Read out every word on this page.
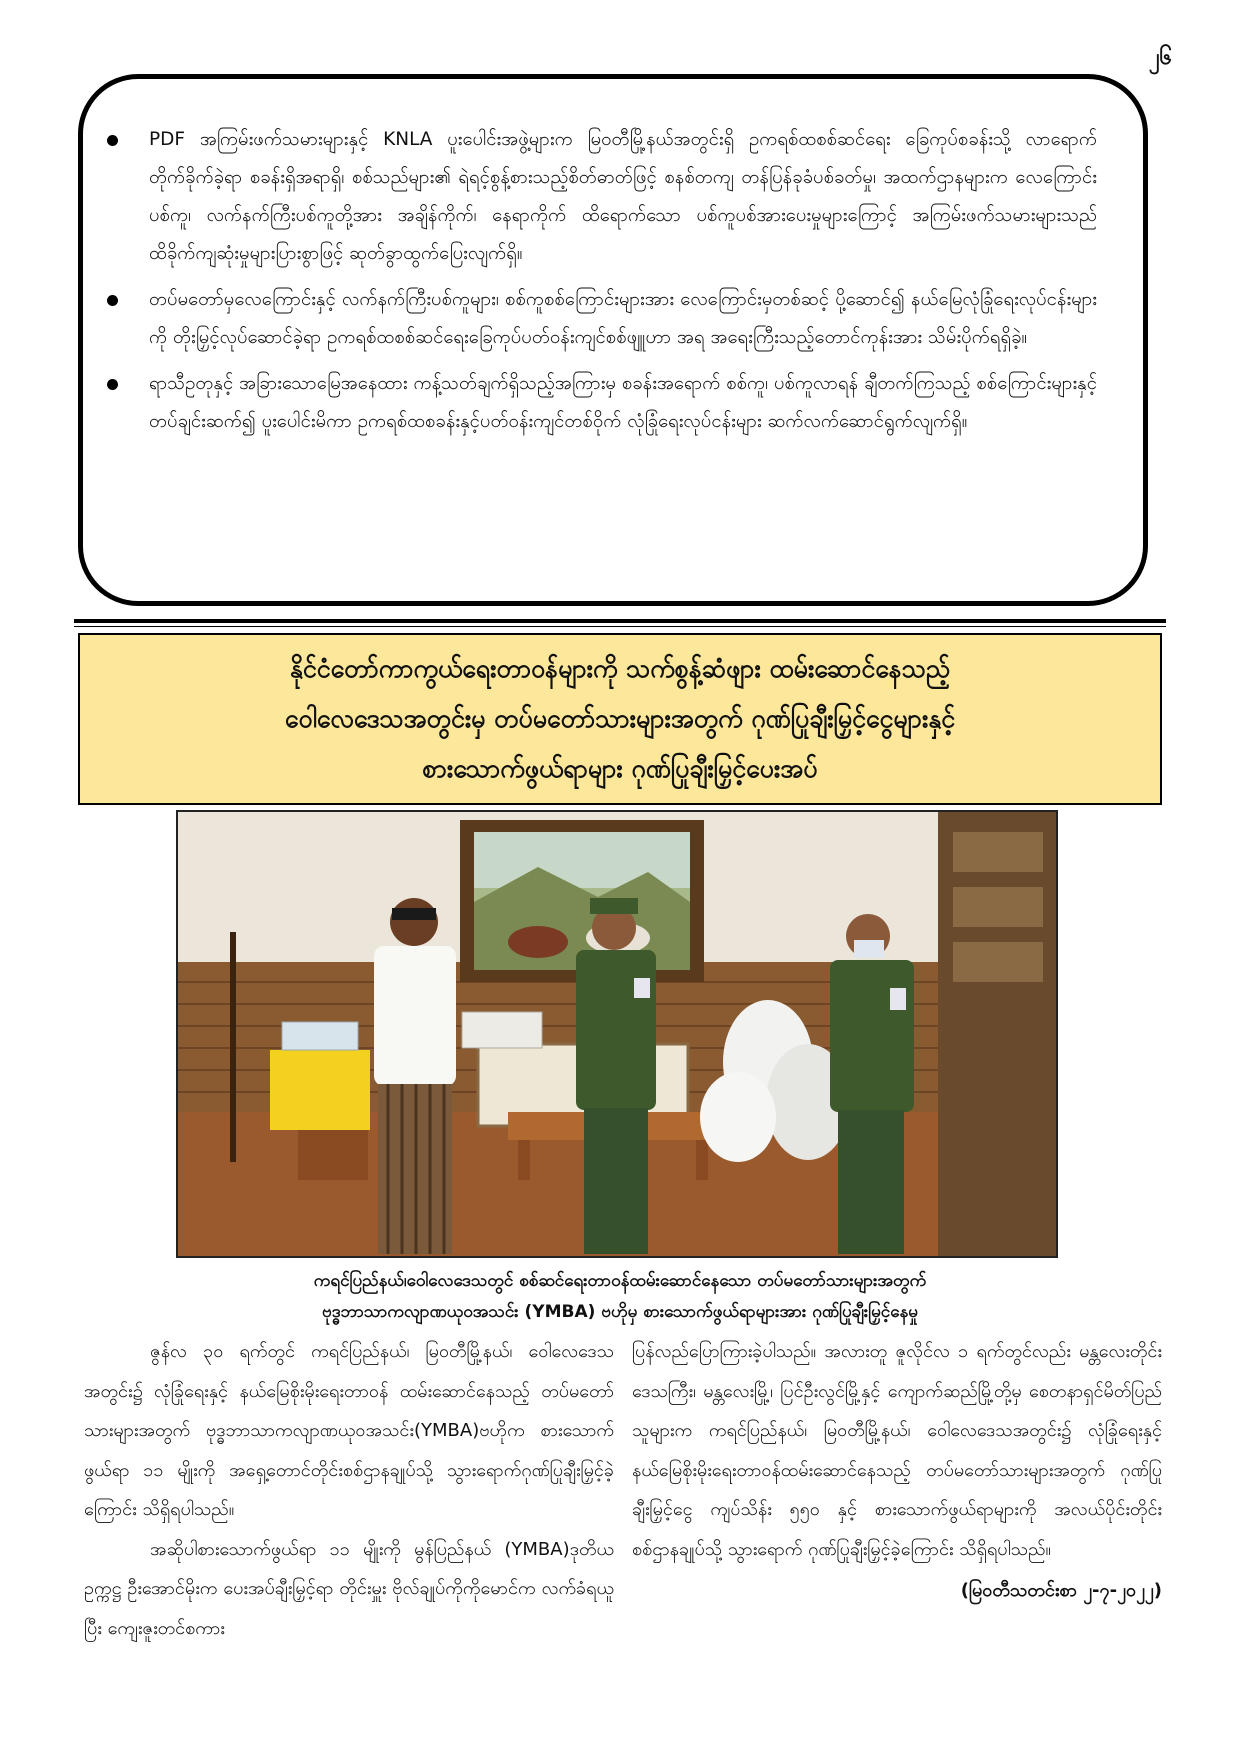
၂၆
PDF အကြမ်းဖက်သမားများနှင့် KNLA ပူးပေါင်းအဖွဲ့များက မြဝတီမြို့နယ်အတွင်းရှိ ဥကရစ်ထစစ်ဆင်ရေး ခြေကုပ်စခန်းသို့ လာရောက်တိုက်ခိုက်ခဲ့ရာ စခန်းရှိအရာရှိ၊ စစ်သည်များ၏ ရဲရင့်စွန့်စားသည့်စိတ်ဓာတ်ဖြင့် စနစ်တကျ တန်ပြန်ခုခံပစ်ခတ်မှု၊ အထက်ဌာနများက လေကြောင်းပစ်ကူ၊ လက်နက်ကြီးပစ်ကူတို့အား အချိန်ကိုက်၊ နေရာကိုက် ထိရောက်သော ပစ်ကူပစ်အားပေးမှုများကြောင့် အကြမ်းဖက်သမားများသည် ထိခိုက်ကျဆုံးမှုများပြားစွာဖြင့် ဆုတ်ခွာထွက်ပြေးလျက်ရှိ။
တပ်မတော်မှလေကြောင်းနှင့် လက်နက်ကြီးပစ်ကူများ၊ စစ်ကူစစ်ကြောင်းများအား လေကြောင်းမှတစ်ဆင့် ပို့ဆောင်၍ နယ်မြေလုံခြုံရေးလုပ်ငန်းများကို တိုးမြှင့်လုပ်ဆောင်ခဲ့ရာ ဥကရစ်ထစစ်ဆင်ရေးခြေကုပ်ပတ်ဝန်းကျင်စစ်ဖျူဟာ အရ အရေးကြီးသည့်တောင်ကုန်းအား သိမ်းပိုက်ရရှိခဲ့။
ရာသီဥတုနှင့် အခြားသောမြေအနေထား ကန့်သတ်ချက်ရှိသည့်အကြားမှ စခန်းအရောက် စစ်ကူ၊ ပစ်ကူလာရန် ချီတက်ကြသည့် စစ်ကြောင်းများနှင့် တပ်ချင်းဆက်၍ ပူးပေါင်းမိကာ ဥကရစ်ထစခန်းနှင့်ပတ်ဝန်းကျင်တစ်ဝိုက် လုံခြုံရေးလုပ်ငန်းများ ဆက်လက်ဆောင်ရွက်လျက်ရှိ။
နိုင်ငံတော်ကာကွယ်ရေးတာဝန်များကို သက်စွန့်ဆံဖျား ထမ်းဆောင်နေသည့်
ဝေါလေဒေသအတွင်းမှ တပ်မတော်သားများအတွက် ဂုဏ်ပြုချီးမြှင့်ငွေများနှင့်
စားသောက်ဖွယ်ရာများ ဂုဏ်ပြုချီးမြှင့်ပေးအပ်
ကရင်ပြည်နယ်၊ဝေါလေဒေသတွင် စစ်ဆင်ရေးတာဝန်ထမ်းဆောင်နေသော တပ်မတော်သားများအတွက်
ဗုဒ္ဓဘာသာကလျာဏယုဝအသင်း (YMBA) ဗဟိုမှ စားသောက်ဖွယ်ရာများအား ဂုဏ်ပြုချီးမြှင့်နေမှု

ဇွန်လ ၃၀ ရက်တွင် ကရင်ပြည်နယ်၊ မြဝတီမြို့နယ်၊ ဝေါလေဒေသအတွင်း၌ လုံခြုံရေးနှင့် နယ်မြေစိုးမိုးရေးတာဝန် ထမ်းဆောင်နေသည့် တပ်မတော်သားများအတွက် ဗုဒ္ဓဘာသာကလျာဏယုဝအသင်း(YMBA)ဗဟိုက စားသောက်ဖွယ်ရာ ၁၁ မျိုးကို အရှေ့တောင်တိုင်းစစ်ဌာနချုပ်သို့ သွားရောက်ဂုဏ်ပြုချီးမြှင့်ခဲ့ကြောင်း သိရှိရပါသည်။

အဆိုပါစားသောက်ဖွယ်ရာ ၁၁ မျိုးကို မွန်ပြည်နယ် (YMBA)ဒုတိယဥက္ကဋ္ဌ ဦးအောင်မိုးက ပေးအပ်ချီးမြှင့်ရာ တိုင်းမှူး ဗိုလ်ချုပ်ကိုကိုမောင်က လက်ခံရယူပြီး ကျေးဇူးတင်စကား

ပြန်လည်ပြောကြားခဲ့ပါသည်။ အလားတူ ဇူလိုင်လ ၁ ရက်တွင်လည်း မန္တလေးတိုင်းဒေသကြီး၊ မန္တလေးမြို့၊ ပြင်ဦးလွင်မြို့နှင့် ကျောက်ဆည်မြို့တို့မှ စေတနာရှင်မိတ်ပြည်သူများက ကရင်ပြည်နယ်၊ မြဝတီမြို့နယ်၊ ဝေါလေဒေသအတွင်း၌ လုံခြုံရေးနှင့် နယ်မြေစိုးမိုးရေးတာဝန်ထမ်းဆောင်နေသည့် တပ်မတော်သားများအတွက် ဂုဏ်ပြုချီးမြှင့်ငွေ ကျပ်သိန်း ၅၅၀ နှင့် စားသောက်ဖွယ်ရာများကို အလယ်ပိုင်းတိုင်းစစ်ဌာနချုပ်သို့ သွားရောက် ဂုဏ်ပြုချီးမြှင့်ခဲ့ကြောင်း သိရှိရပါသည်။

(မြဝတီသတင်းစာ ၂-၇-၂၀၂၂)
